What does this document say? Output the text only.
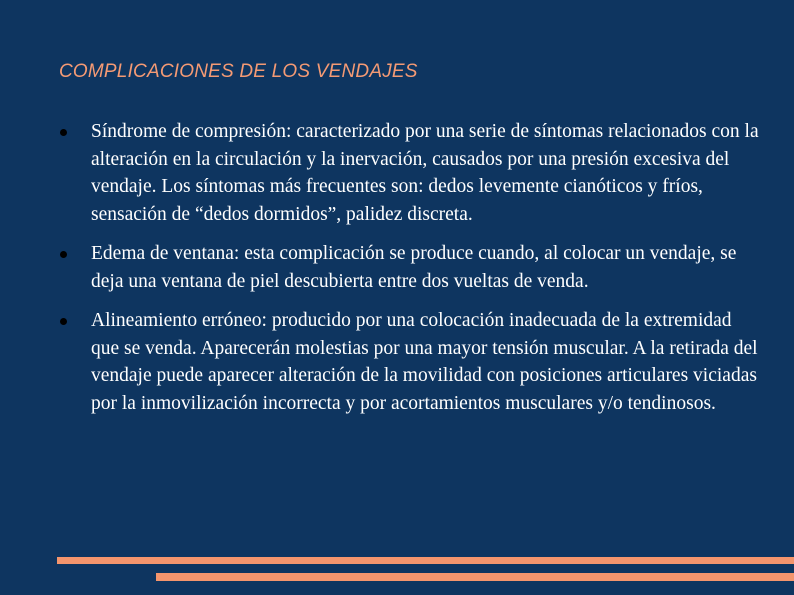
COMPLICACIONES DE LOS VENDAJES
Síndrome de compresión: caracterizado por una serie de síntomas relacionados con la alteración en la circulación y la inervación, causados por una presión excesiva del vendaje. Los síntomas más frecuentes son: dedos levemente cianóticos y fríos, sensación de “dedos dormidos”, palidez discreta.
Edema de ventana: esta complicación se produce cuando, al colocar un vendaje, se deja una ventana de piel descubierta entre dos vueltas de venda.
Alineamiento erróneo: producido por una colocación inadecuada de la extremidad que se venda. Aparecerán molestias por una mayor tensión muscular. A la retirada del vendaje puede aparecer alteración de la movilidad con posiciones articulares viciadas por la inmovilización incorrecta y por acortamientos musculares y/o tendinosos.
